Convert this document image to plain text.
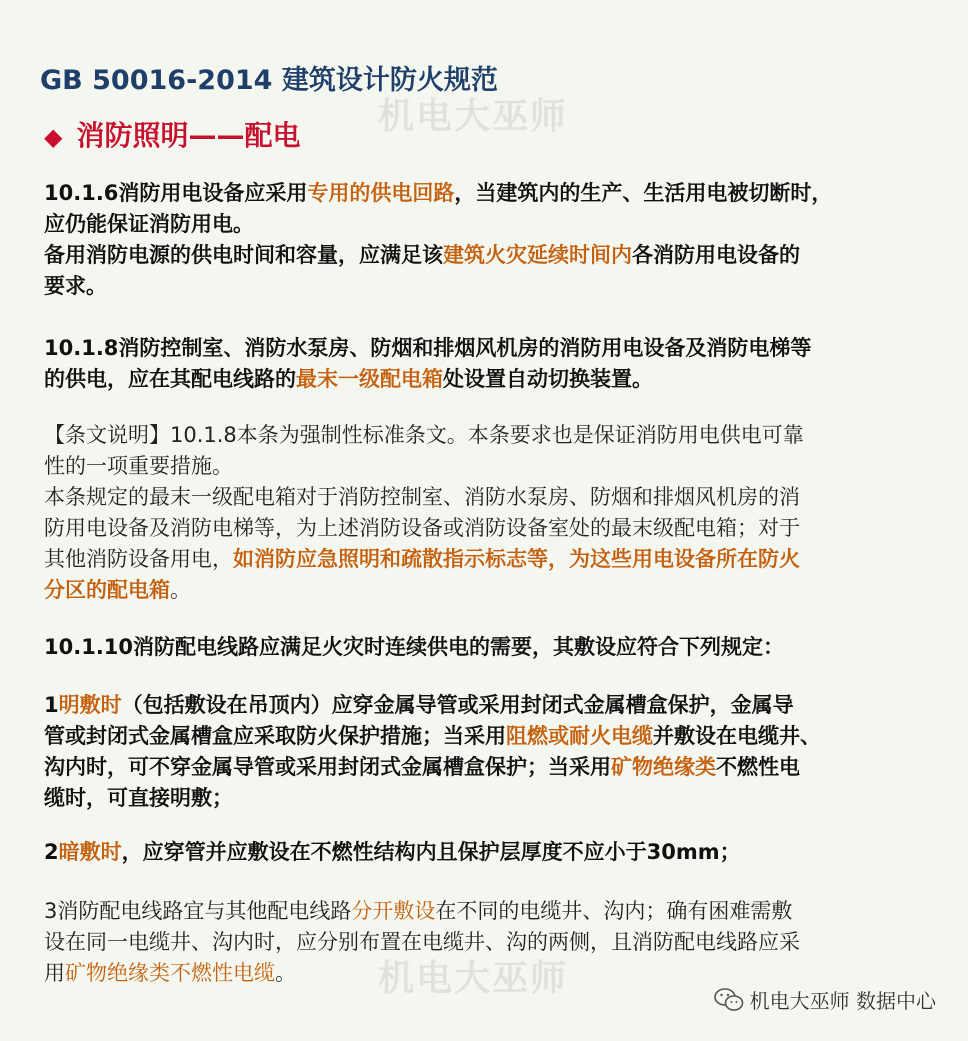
机电大巫师
机电大巫师
GB 50016-2014 建筑设计防火规范
◆ 消防照明——配电
10.1.6消防用电设备应采用专用的供电回路，当建筑内的生产、生活用电被切断时，
应仍能保证消防用电。
备用消防电源的供电时间和容量，应满足该建筑火灾延续时间内各消防用电设备的
要求。
10.1.8消防控制室、消防水泵房、防烟和排烟风机房的消防用电设备及消防电梯等
的供电，应在其配电线路的最末一级配电箱处设置自动切换装置。
【条文说明】10.1.8本条为强制性标准条文。本条要求也是保证消防用电供电可靠
性的一项重要措施。
本条规定的最末一级配电箱对于消防控制室、消防水泵房、防烟和排烟风机房的消
防用电设备及消防电梯等，为上述消防设备或消防设备室处的最末级配电箱；对于
其他消防设备用电，如消防应急照明和疏散指示标志等，为这些用电设备所在防火
分区的配电箱。
10.1.10消防配电线路应满足火灾时连续供电的需要，其敷设应符合下列规定：
1明敷时（包括敷设在吊顶内）应穿金属导管或采用封闭式金属槽盒保护，金属导
管或封闭式金属槽盒应采取防火保护措施；当采用阻燃或耐火电缆并敷设在电缆井、
沟内时，可不穿金属导管或采用封闭式金属槽盒保护；当采用矿物绝缘类不燃性电
缆时，可直接明敷；
2暗敷时，应穿管并应敷设在不燃性结构内且保护层厚度不应小于30mm；
3消防配电线路宜与其他配电线路分开敷设在不同的电缆井、沟内；确有困难需敷
设在同一电缆井、沟内时，应分别布置在电缆井、沟的两侧，且消防配电线路应采
用矿物绝缘类不燃性电缆。
机电大巫师 数据中心
